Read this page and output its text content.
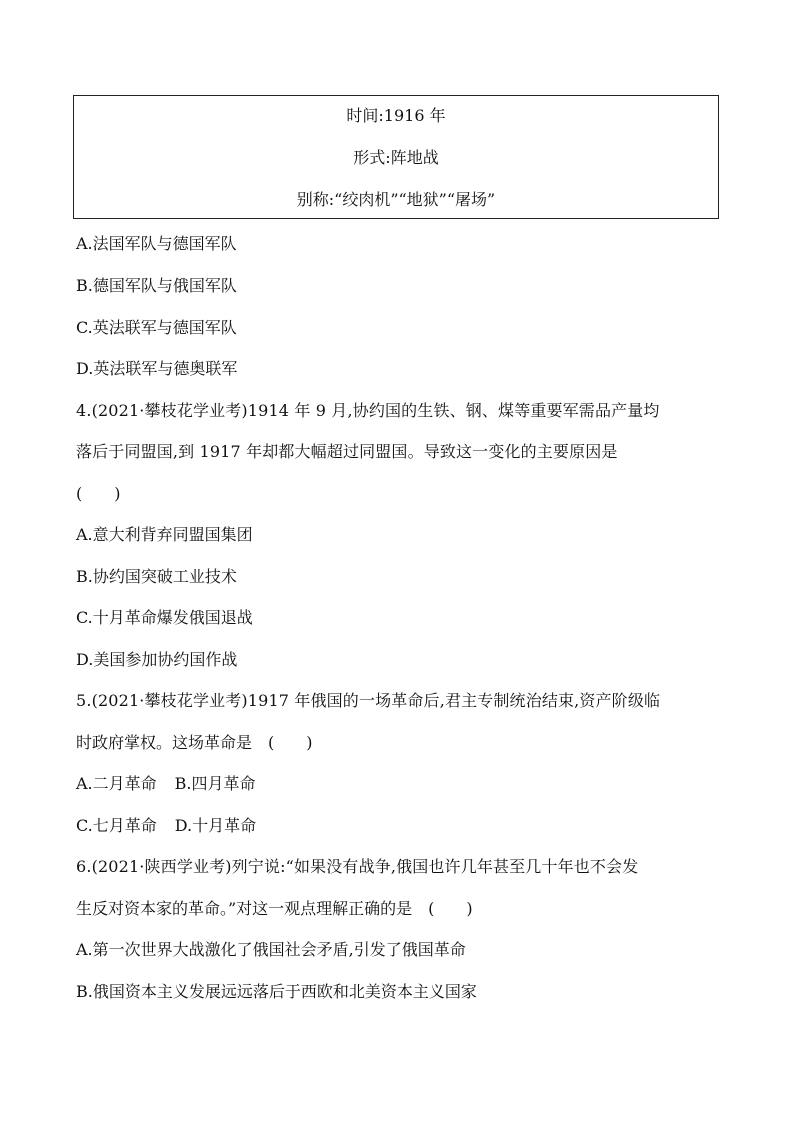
时间:1916 年
形式:阵地战
别称:“绞肉机”“地狱”“屠场”
A.法国军队与德国军队
B.德国军队与俄国军队
C.英法联军与德国军队
D.英法联军与德奥联军
4.(2021·攀枝花学业考)1914 年 9 月,协约国的生铁、钢、煤等重要军需品产量均
落后于同盟国,到 1917 年却都大幅超过同盟国。导致这一变化的主要原因是
(　　)
A.意大利背弃同盟国集团
B.协约国突破工业技术
C.十月革命爆发俄国退战
D.美国参加协约国作战
5.(2021·攀枝花学业考)1917 年俄国的一场革命后,君主专制统治结束,资产阶级临
时政府掌权。这场革命是　(　　)
A.二月革命 B.四月革命
C.七月革命 D.十月革命
6.(2021·陕西学业考)列宁说:“如果没有战争,俄国也许几年甚至几十年也不会发
生反对资本家的革命。”对这一观点理解正确的是　(　　)
A.第一次世界大战激化了俄国社会矛盾,引发了俄国革命
B.俄国资本主义发展远远落后于西欧和北美资本主义国家
